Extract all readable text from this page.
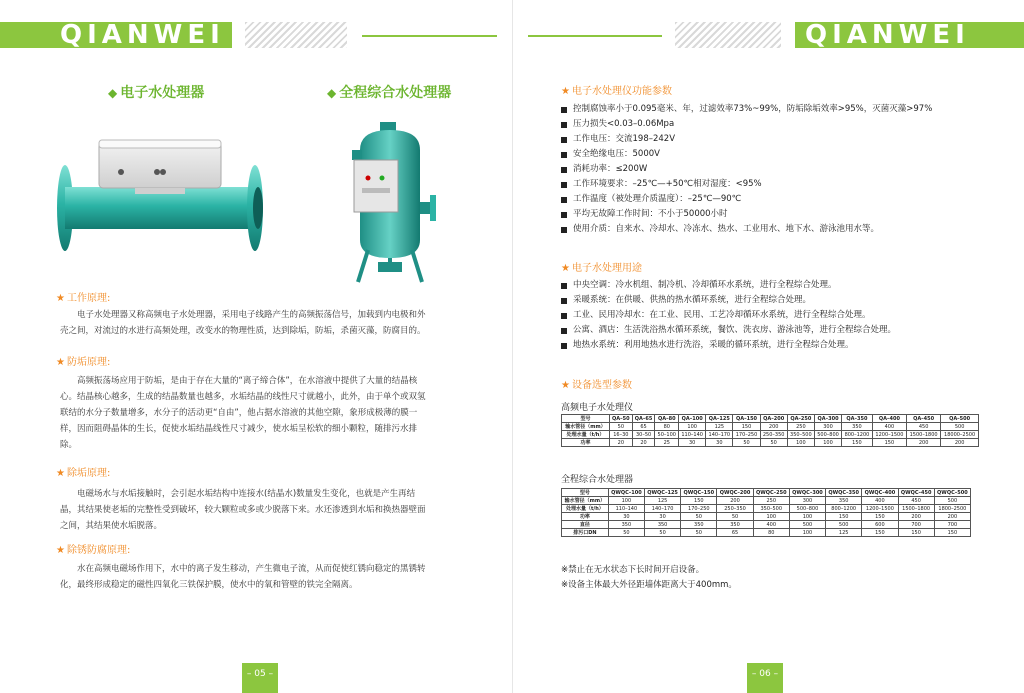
QIANWEI
◆ 电子水处理器	◆ 全程综合水处理器
★ 工作原理:
电子水处理器又称高频电子水处理器，采用电子线路产生的高频振荡信号，加载到内电极和外
壳之间，对流过的水进行高频处理，改变水的物理性质，达到除垢，防垢，杀菌灭藻，防腐目的。
★ 防垢原理:
高频振荡场应用于防垢，是由于存在大量的“离子缔合体”，在水溶液中提供了大量的结晶核
心。结晶核心越多，生成的结晶数量也越多，水垢结晶的线性尺寸就越小，此外，由于单个或双氢
联结的水分子数量增多，水分子的活动更“自由”，他占据水溶液的其他空隙，象形成极薄的膜一
样，因而阻碍晶体的生长，促使水垢结晶线性尺寸减少，使水垢呈松软的细小颗粒，随排污水排
除。
★ 除垢原理:
电磁场水与水垢接触时，会引起水垢结构中连接水(结晶水)数量发生变化，也就是产生再结
晶，其结果使老垢的完整性受到破坏，较大颗粒或多或少脱落下来。水还渗透到水垢和换热器壁面
之间，其结果使水垢脱落。
★ 除锈防腐原理:
水在高频电磁场作用下，水中的离子发生移动，产生微电子流，从而促使红锈向稳定的黑锈转
化，最终形成稳定的磁性四氧化三铁保护膜，使水中的氧和管壁的铁完全隔离。
– 05 –
QIANWEI
★ 电子水处理仪功能参数
控制腐蚀率小于0.095毫米、年，过滤效率73%~99%，防垢除垢效率>95%，灭菌灭藻>97%
压力损失<0.03–0.06Mpa
工作电压：交流198–242V
安全绝缘电压：5000V
消耗功率：≤200W
工作环境要求：–25℃—+50℃相对湿度：<95%
工作温度（被处理介质温度）：–25℃—90℃
平均无故障工作时间：不小于50000小时
使用介质：自来水、冷却水、冷冻水、热水、工业用水、地下水、游泳池用水等。
★ 电子水处理用途
中央空调：冷水机组、制冷机、冷却循环水系统，进行全程综合处理。
采暖系统：在供暖、供热的热水循环系统，进行全程综合处理。
工业、民用冷却水：在工业、民用、工艺冷却循环水系统，进行全程综合处理。
公寓、酒店：生活洗浴热水循环系统，餐饮、洗衣房、游泳池等，进行全程综合处理。
地热水系统：利用地热水进行洗浴，采暖的循环系统，进行全程综合处理。
★ 设备选型参数
高频电子水处理仪
型号	QA–50	QA–65	QA–80	QA–100	QA–125	QA–150	QA–200	QA–250	QA–300	QA–350	QA–400	QA–450	QA–500
输水管径（mm）	50	65	80	100	125	150	200	250	300	350	400	450	500
处理水量（t/h）	16–30	30–50	50–100	110–140	140–170	170–250	250–350	350–500	500–800	800–1200	1200–1500	1500–1800	18000–2500
功率	20	20	25	30	30	50	50	100	100	150	150	200	200
全程综合水处理器
型号	QWQC–100	QWQC–125	QWQC–150	QWQC–200	QWQC–250	QWQC–300	QWQC–350	QWQC–400	QWQC–450	QWQC–500
输水管径（mm）	100	125	150	200	250	300	350	400	450	500
处理水量（t/h）	110–140	140–170	170–250	250–350	350–500	500–800	800–1200	1200–1500	1500–1800	1800–2500
功率	30	30	50	50	100	100	150	150	200	200
直径	350	350	350	350	400	500	500	600	700	700
排污口DN	50	50	50	65	80	100	125	150	150	150
※禁止在无水状态下长时间开启设备。
※设备主体最大外径距墙体距离大于400mm。
– 06 –
